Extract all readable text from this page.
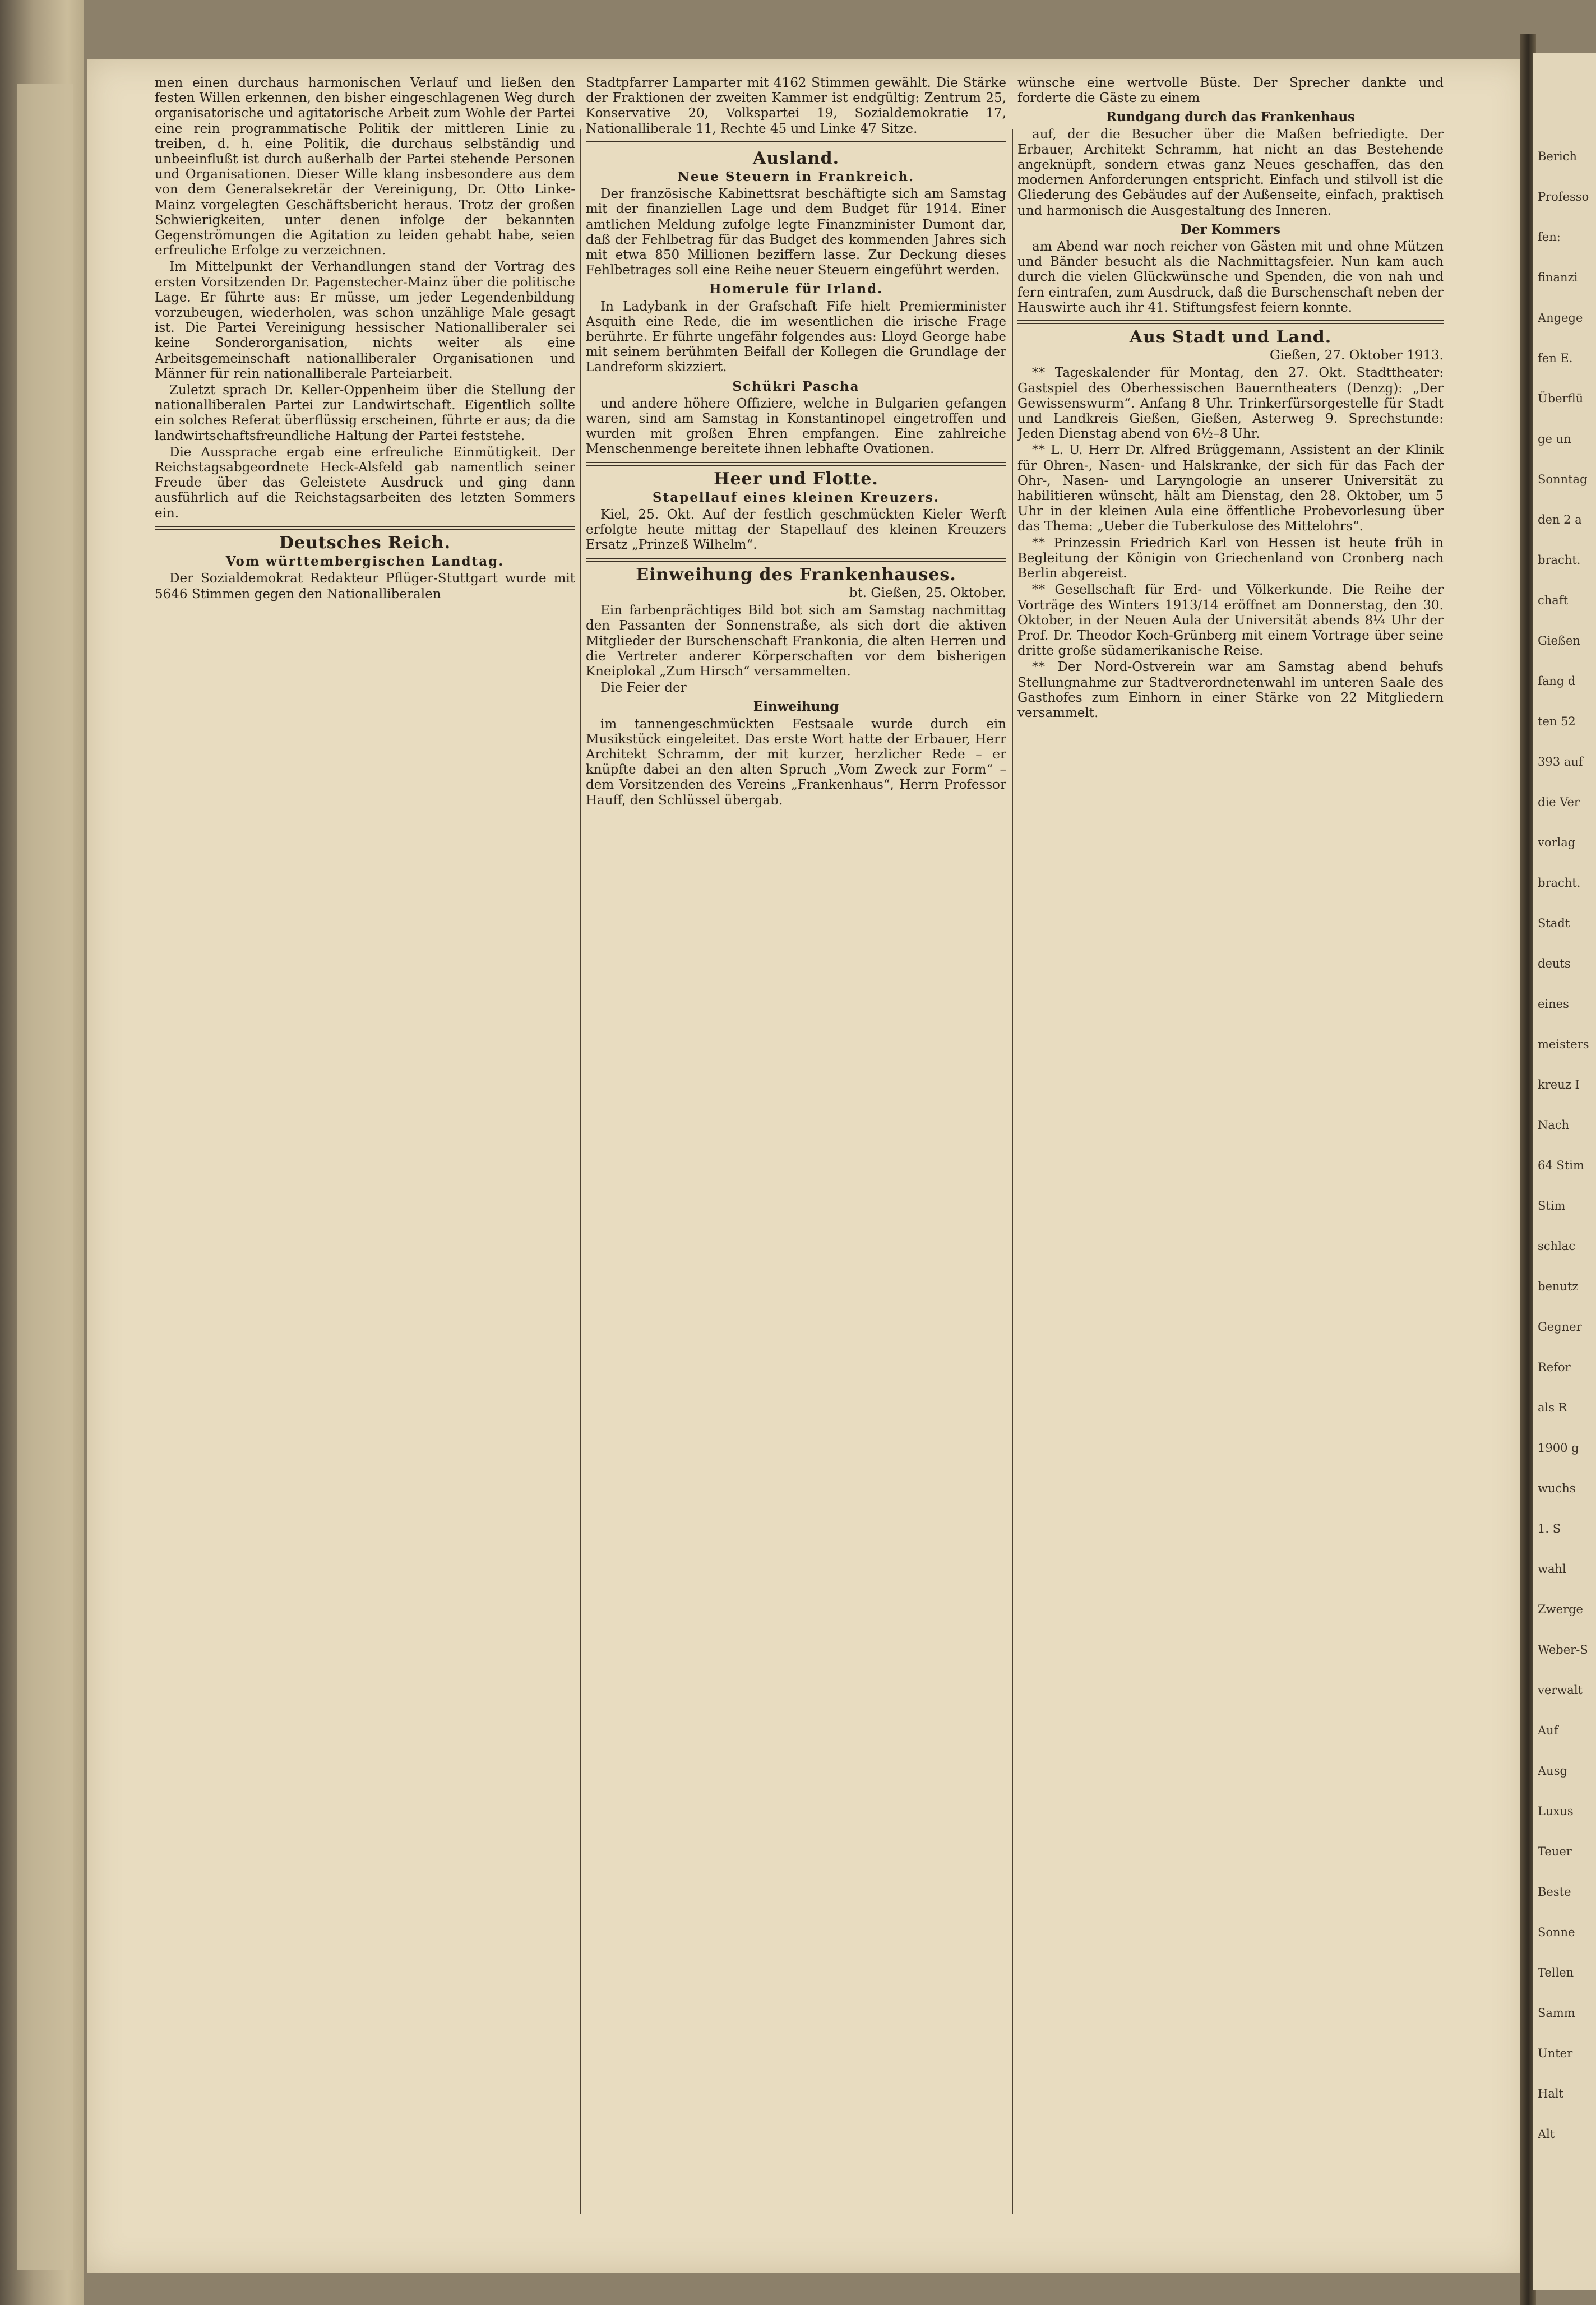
Berich
Professo
fen:
finanzi
Angege
fen E.
Überflü
ge un
Sonntag
den 2 a
bracht.
chaft
Gießen
fang d
ten 52
393 auf
die Ver
vorlag
bracht.
Stadt
deuts
eines
meisters
kreuz I
Nach
64 Stim
Stim
schlac
benutz
Gegner
Refor
als R
1900 g
wuchs
1. S
wahl
Zwerge
Weber-S
verwalt
Auf
Ausg
Luxus
Teuer
Beste
Sonne
Tellen
Samm
Unter
Halt
Alt

men einen durchaus harmonischen Verlauf und ließen den festen Willen erkennen, den bisher eingeschlagenen Weg durch organisatorische und agitatorische Arbeit zum Wohle der Partei eine rein programmatische Politik der mittleren Linie zu treiben, d. h. eine Politik, die durchaus selbständig und unbeeinflußt ist durch außerhalb der Partei stehende Personen und Organisationen. Dieser Wille klang insbesondere aus dem von dem Generalsekretär der Vereinigung, Dr. Otto Linke-Mainz vorgelegten Geschäftsbericht heraus. Trotz der großen Schwierigkeiten, unter denen infolge der bekannten Gegenströmungen die Agitation zu leiden gehabt habe, seien erfreuliche Erfolge zu verzeichnen.

Im Mittelpunkt der Verhandlungen stand der Vortrag des ersten Vorsitzenden Dr. Pagenstecher-Mainz über die politische Lage. Er führte aus: Er müsse, um jeder Legendenbildung vorzubeugen, wiederholen, was schon unzählige Male gesagt ist. Die Partei Vereinigung hessischer Nationalliberaler sei keine Sonderorganisation, nichts weiter als eine Arbeitsgemeinschaft nationalliberaler Organisationen und Männer für rein nationalliberale Parteiarbeit.

Zuletzt sprach Dr. Keller-Oppenheim über die Stellung der nationalliberalen Partei zur Landwirtschaft. Eigentlich sollte ein solches Referat überflüssig erscheinen, führte er aus; da die landwirtschaftsfreundliche Haltung der Partei feststehe.

Die Aussprache ergab eine erfreuliche Einmütigkeit. Der Reichstagsabgeordnete Heck-Alsfeld gab namentlich seiner Freude über das Geleistete Ausdruck und ging dann ausführlich auf die Reichstagsarbeiten des letzten Sommers ein.

Deutsches Reich.
Vom württembergischen Landtag.

Der Sozialdemokrat Redakteur Pflüger-Stuttgart wurde mit 5646 Stimmen gegen den Nationalliberalen

Stadtpfarrer Lamparter mit 4162 Stimmen gewählt. Die Stärke der Fraktionen der zweiten Kammer ist endgültig: Zentrum 25, Konservative 20, Volkspartei 19, Sozialdemokratie 17, Nationalliberale 11, Rechte 45 und Linke 47 Sitze.

Ausland.
Neue Steuern in Frankreich.

Der französische Kabinettsrat beschäftigte sich am Samstag mit der finanziellen Lage und dem Budget für 1914. Einer amtlichen Meldung zufolge legte Finanzminister Dumont dar, daß der Fehlbetrag für das Budget des kommenden Jahres sich mit etwa 850 Millionen beziffern lasse. Zur Deckung dieses Fehlbetrages soll eine Reihe neuer Steuern eingeführt werden.

Homerule für Irland.

In Ladybank in der Grafschaft Fife hielt Premierminister Asquith eine Rede, die im wesentlichen die irische Frage berührte. Er führte ungefähr folgendes aus: Lloyd George habe mit seinem berühmten Beifall der Kollegen die Grundlage der Landreform skizziert.

Schükri Pascha

und andere höhere Offiziere, welche in Bulgarien gefangen waren, sind am Samstag in Konstantinopel eingetroffen und wurden mit großen Ehren empfangen. Eine zahlreiche Menschenmenge bereitete ihnen lebhafte Ovationen.

Heer und Flotte.
Stapellauf eines kleinen Kreuzers.

Kiel, 25. Okt. Auf der festlich geschmückten Kieler Werft erfolgte heute mittag der Stapellauf des kleinen Kreuzers Ersatz „Prinzeß Wilhelm“.

Einweihung des Frankenhauses.
bt. Gießen, 25. Oktober.

Ein farbenprächtiges Bild bot sich am Samstag nachmittag den Passanten der Sonnenstraße, als sich dort die aktiven Mitglieder der Burschenschaft Frankonia, die alten Herren und die Vertreter anderer Körperschaften vor dem bisherigen Kneiplokal „Zum Hirsch“ versammelten.

Die Feier der

Einweihung

im tannengeschmückten Festsaale wurde durch ein Musikstück eingeleitet. Das erste Wort hatte der Erbauer, Herr Architekt Schramm, der mit kurzer, herzlicher Rede – er knüpfte dabei an den alten Spruch „Vom Zweck zur Form“ – dem Vorsitzenden des Vereins „Frankenhaus“, Herrn Professor Hauff, den Schlüssel übergab.

wünsche eine wertvolle Büste. Der Sprecher dankte und forderte die Gäste zu einem

Rundgang durch das Frankenhaus

auf, der die Besucher über die Maßen befriedigte. Der Erbauer, Architekt Schramm, hat nicht an das Bestehende angeknüpft, sondern etwas ganz Neues geschaffen, das den modernen Anforderungen entspricht. Einfach und stilvoll ist die Gliederung des Gebäudes auf der Außenseite, einfach, praktisch und harmonisch die Ausgestaltung des Inneren.

Der Kommers

am Abend war noch reicher von Gästen mit und ohne Mützen und Bänder besucht als die Nachmittagsfeier. Nun kam auch durch die vielen Glückwünsche und Spenden, die von nah und fern eintrafen, zum Ausdruck, daß die Burschenschaft neben der Hauswirte auch ihr 41. Stiftungsfest feiern konnte.

Aus Stadt und Land.
Gießen, 27. Oktober 1913.

** Tageskalender für Montag, den 27. Okt. Stadttheater: Gastspiel des Oberhessischen Bauerntheaters (Denzg): „Der Gewissenswurm“. Anfang 8 Uhr. Trinkerfürsorgestelle für Stadt und Landkreis Gießen, Gießen, Asterweg 9. Sprechstunde: Jeden Dienstag abend von 6½–8 Uhr.

** L. U. Herr Dr. Alfred Brüggemann, Assistent an der Klinik für Ohren-, Nasen- und Halskranke, der sich für das Fach der Ohr-, Nasen- und Laryngologie an unserer Universität zu habilitieren wünscht, hält am Dienstag, den 28. Oktober, um 5 Uhr in der kleinen Aula eine öffentliche Probevorlesung über das Thema: „Ueber die Tuberkulose des Mittelohrs“.

** Prinzessin Friedrich Karl von Hessen ist heute früh in Begleitung der Königin von Griechenland von Cronberg nach Berlin abgereist.

** Gesellschaft für Erd- und Völkerkunde. Die Reihe der Vorträge des Winters 1913/14 eröffnet am Donnerstag, den 30. Oktober, in der Neuen Aula der Universität abends 8¼ Uhr der Prof. Dr. Theodor Koch-Grünberg mit einem Vortrage über seine dritte große südamerikanische Reise.

** Der Nord-Ostverein war am Samstag abend behufs Stellungnahme zur Stadtverordnetenwahl im unteren Saale des Gasthofes zum Einhorn in einer Stärke von 22 Mitgliedern versammelt.
